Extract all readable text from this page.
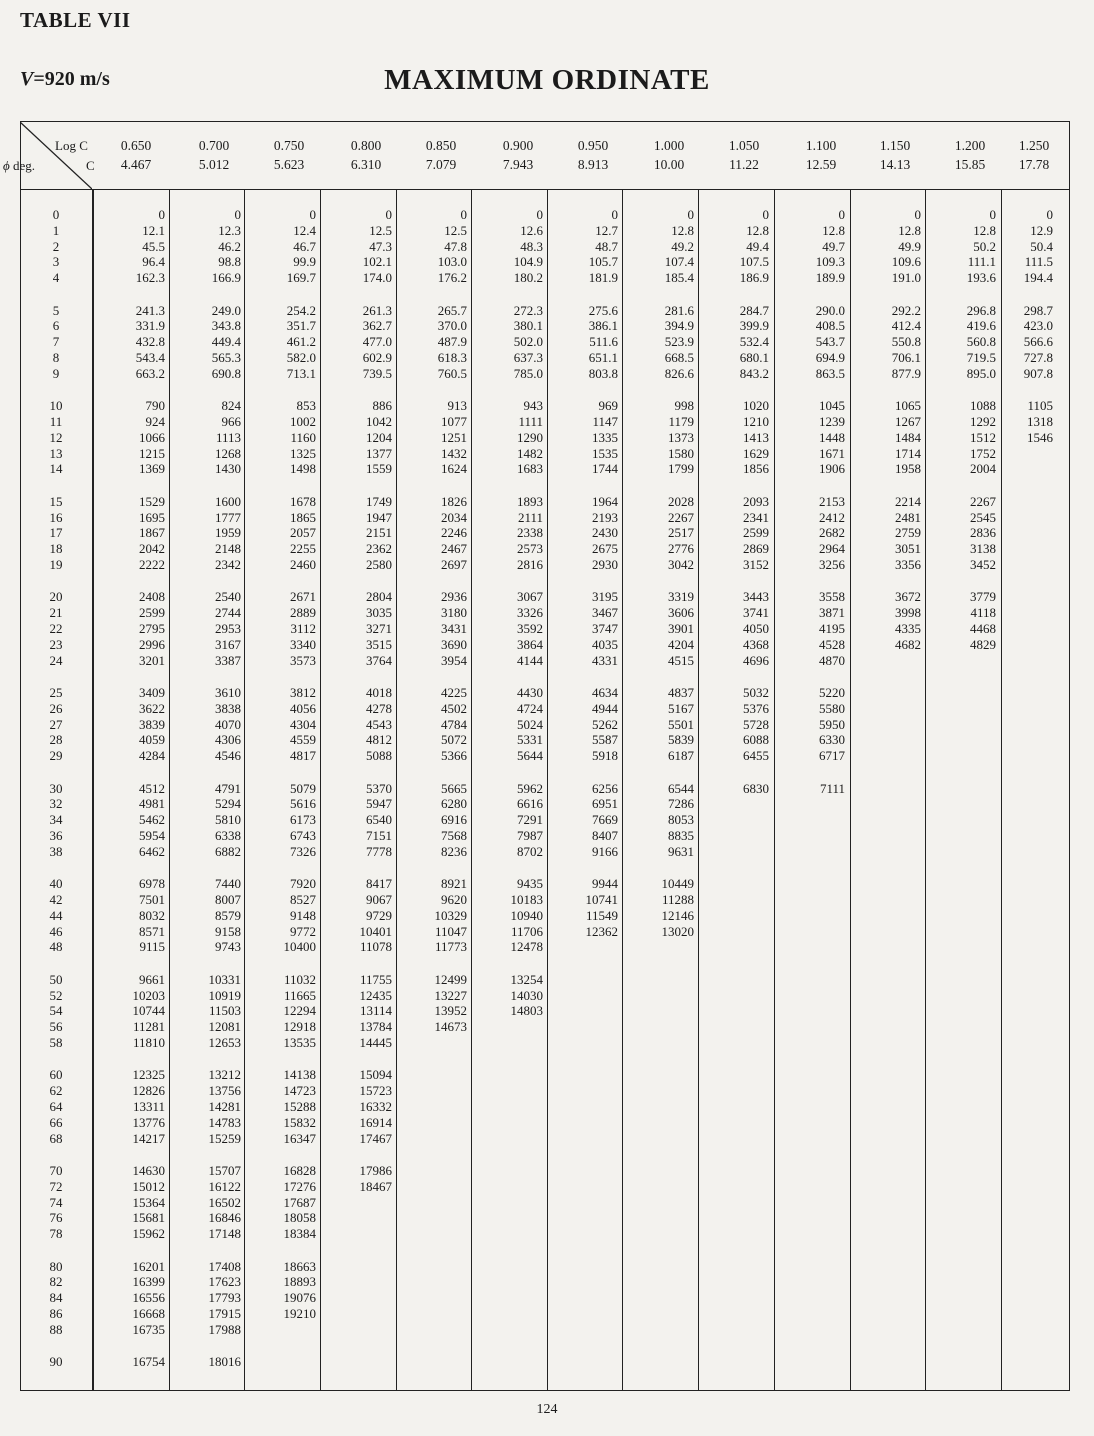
TABLE VII
V=920 m/s	MAXIMUM ORDINATE
Log C
C
ϕ deg.
0.650
4.467
0.700
5.012
0.750
5.623
0.800
6.310
0.850
7.079
0.900
7.943
0.950
8.913
1.000
10.00
1.050
11.22
1.100
12.59
1.150
14.13
1.200
15.85
1.250
17.78
0
1
2
3
4
5
6
7
8
9
10
11
12
13
14
15
16
17
18
19
20
21
22
23
24
25
26
27
28
29
30
32
34
36
38
40
42
44
46
48
50
52
54
56
58
60
62
64
66
68
70
72
74
76
78
80
82
84
86
88
90
0
12.1
45.5
96.4
162.3
241.3
331.9
432.8
543.4
663.2
790
924
1066
1215
1369
1529
1695
1867
2042
2222
2408
2599
2795
2996
3201
3409
3622
3839
4059
4284
4512
4981
5462
5954
6462
6978
7501
8032
8571
9115
9661
10203
10744
11281
11810
12325
12826
13311
13776
14217
14630
15012
15364
15681
15962
16201
16399
16556
16668
16735
16754
0
12.3
46.2
98.8
166.9
249.0
343.8
449.4
565.3
690.8
824
966
1113
1268
1430
1600
1777
1959
2148
2342
2540
2744
2953
3167
3387
3610
3838
4070
4306
4546
4791
5294
5810
6338
6882
7440
8007
8579
9158
9743
10331
10919
11503
12081
12653
13212
13756
14281
14783
15259
15707
16122
16502
16846
17148
17408
17623
17793
17915
17988
18016
0
12.4
46.7
99.9
169.7
254.2
351.7
461.2
582.0
713.1
853
1002
1160
1325
1498
1678
1865
2057
2255
2460
2671
2889
3112
3340
3573
3812
4056
4304
4559
4817
5079
5616
6173
6743
7326
7920
8527
9148
9772
10400
11032
11665
12294
12918
13535
14138
14723
15288
15832
16347
16828
17276
17687
18058
18384
18663
18893
19076
19210
0
12.5
47.3
102.1
174.0
261.3
362.7
477.0
602.9
739.5
886
1042
1204
1377
1559
1749
1947
2151
2362
2580
2804
3035
3271
3515
3764
4018
4278
4543
4812
5088
5370
5947
6540
7151
7778
8417
9067
9729
10401
11078
11755
12435
13114
13784
14445
15094
15723
16332
16914
17467
17986
18467
0
12.5
47.8
103.0
176.2
265.7
370.0
487.9
618.3
760.5
913
1077
1251
1432
1624
1826
2034
2246
2467
2697
2936
3180
3431
3690
3954
4225
4502
4784
5072
5366
5665
6280
6916
7568
8236
8921
9620
10329
11047
11773
12499
13227
13952
14673
0
12.6
48.3
104.9
180.2
272.3
380.1
502.0
637.3
785.0
943
1111
1290
1482
1683
1893
2111
2338
2573
2816
3067
3326
3592
3864
4144
4430
4724
5024
5331
5644
5962
6616
7291
7987
8702
9435
10183
10940
11706
12478
13254
14030
14803
0
12.7
48.7
105.7
181.9
275.6
386.1
511.6
651.1
803.8
969
1147
1335
1535
1744
1964
2193
2430
2675
2930
3195
3467
3747
4035
4331
4634
4944
5262
5587
5918
6256
6951
7669
8407
9166
9944
10741
11549
12362
0
12.8
49.2
107.4
185.4
281.6
394.9
523.9
668.5
826.6
998
1179
1373
1580
1799
2028
2267
2517
2776
3042
3319
3606
3901
4204
4515
4837
5167
5501
5839
6187
6544
7286
8053
8835
9631
10449
11288
12146
13020
0
12.8
49.4
107.5
186.9
284.7
399.9
532.4
680.1
843.2
1020
1210
1413
1629
1856
2093
2341
2599
2869
3152
3443
3741
4050
4368
4696
5032
5376
5728
6088
6455
6830
0
12.8
49.7
109.3
189.9
290.0
408.5
543.7
694.9
863.5
1045
1239
1448
1671
1906
2153
2412
2682
2964
3256
3558
3871
4195
4528
4870
5220
5580
5950
6330
6717
7111
0
12.8
49.9
109.6
191.0
292.2
412.4
550.8
706.1
877.9
1065
1267
1484
1714
1958
2214
2481
2759
3051
3356
3672
3998
4335
4682
0
12.8
50.2
111.1
193.6
296.8
419.6
560.8
719.5
895.0
1088
1292
1512
1752
2004
2267
2545
2836
3138
3452
3779
4118
4468
4829
0
12.9
50.4
111.5
194.4
298.7
423.0
566.6
727.8
907.8
1105
1318
1546
124
